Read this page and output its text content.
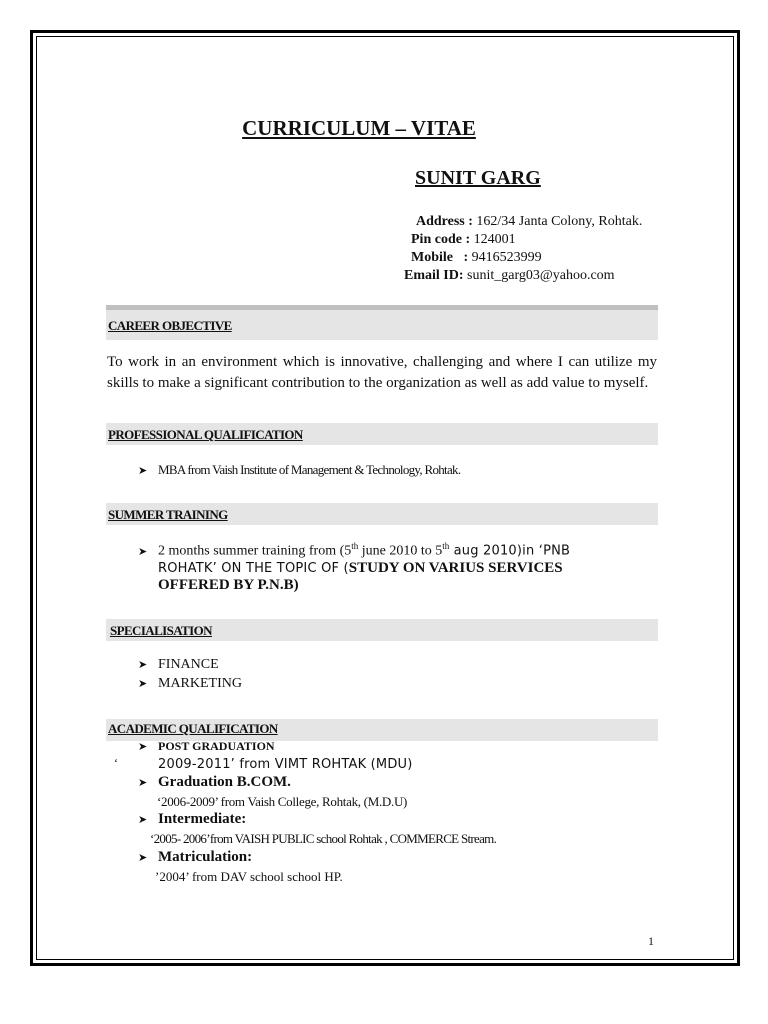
CURRICULUM – VITAE
SUNIT GARG
Address : 162/34 Janta Colony, Rohtak.
Pin code : 124001
Mobile   : 9416523999
Email ID: sunit_garg03@yahoo.com
CAREER OBJECTIVE
To work in an environment which is innovative, challenging and where I can utilize my skills to make a significant contribution to the organization as well as add value to myself.
PROFESSIONAL QUALIFICATION
➤ MBA from Vaish Institute of Management & Technology, Rohtak.
SUMMER TRAINING
➤ 2 months summer training from (5th june 2010 to 5th aug 2010)in ‘PNB
ROHATK’ ON THE TOPIC OF (STUDY ON VARIUS SERVICES
OFFERED BY P.N.B)
SPECIALISATION
➤ FINANCE
➤ MARKETING
ACADEMIC QUALIFICATION
➤ POST GRADUATION
‘	2009-2011’ from VIMT ROHTAK (MDU)
➤ Graduation B.COM.
‘2006-2009’ from Vaish College, Rohtak, (M.D.U)
➤ Intermediate:
‘2005- 2006’from VAISH PUBLIC school Rohtak , COMMERCE Stream.
➤ Matriculation:
’2004’ from DAV school school HP.
1
